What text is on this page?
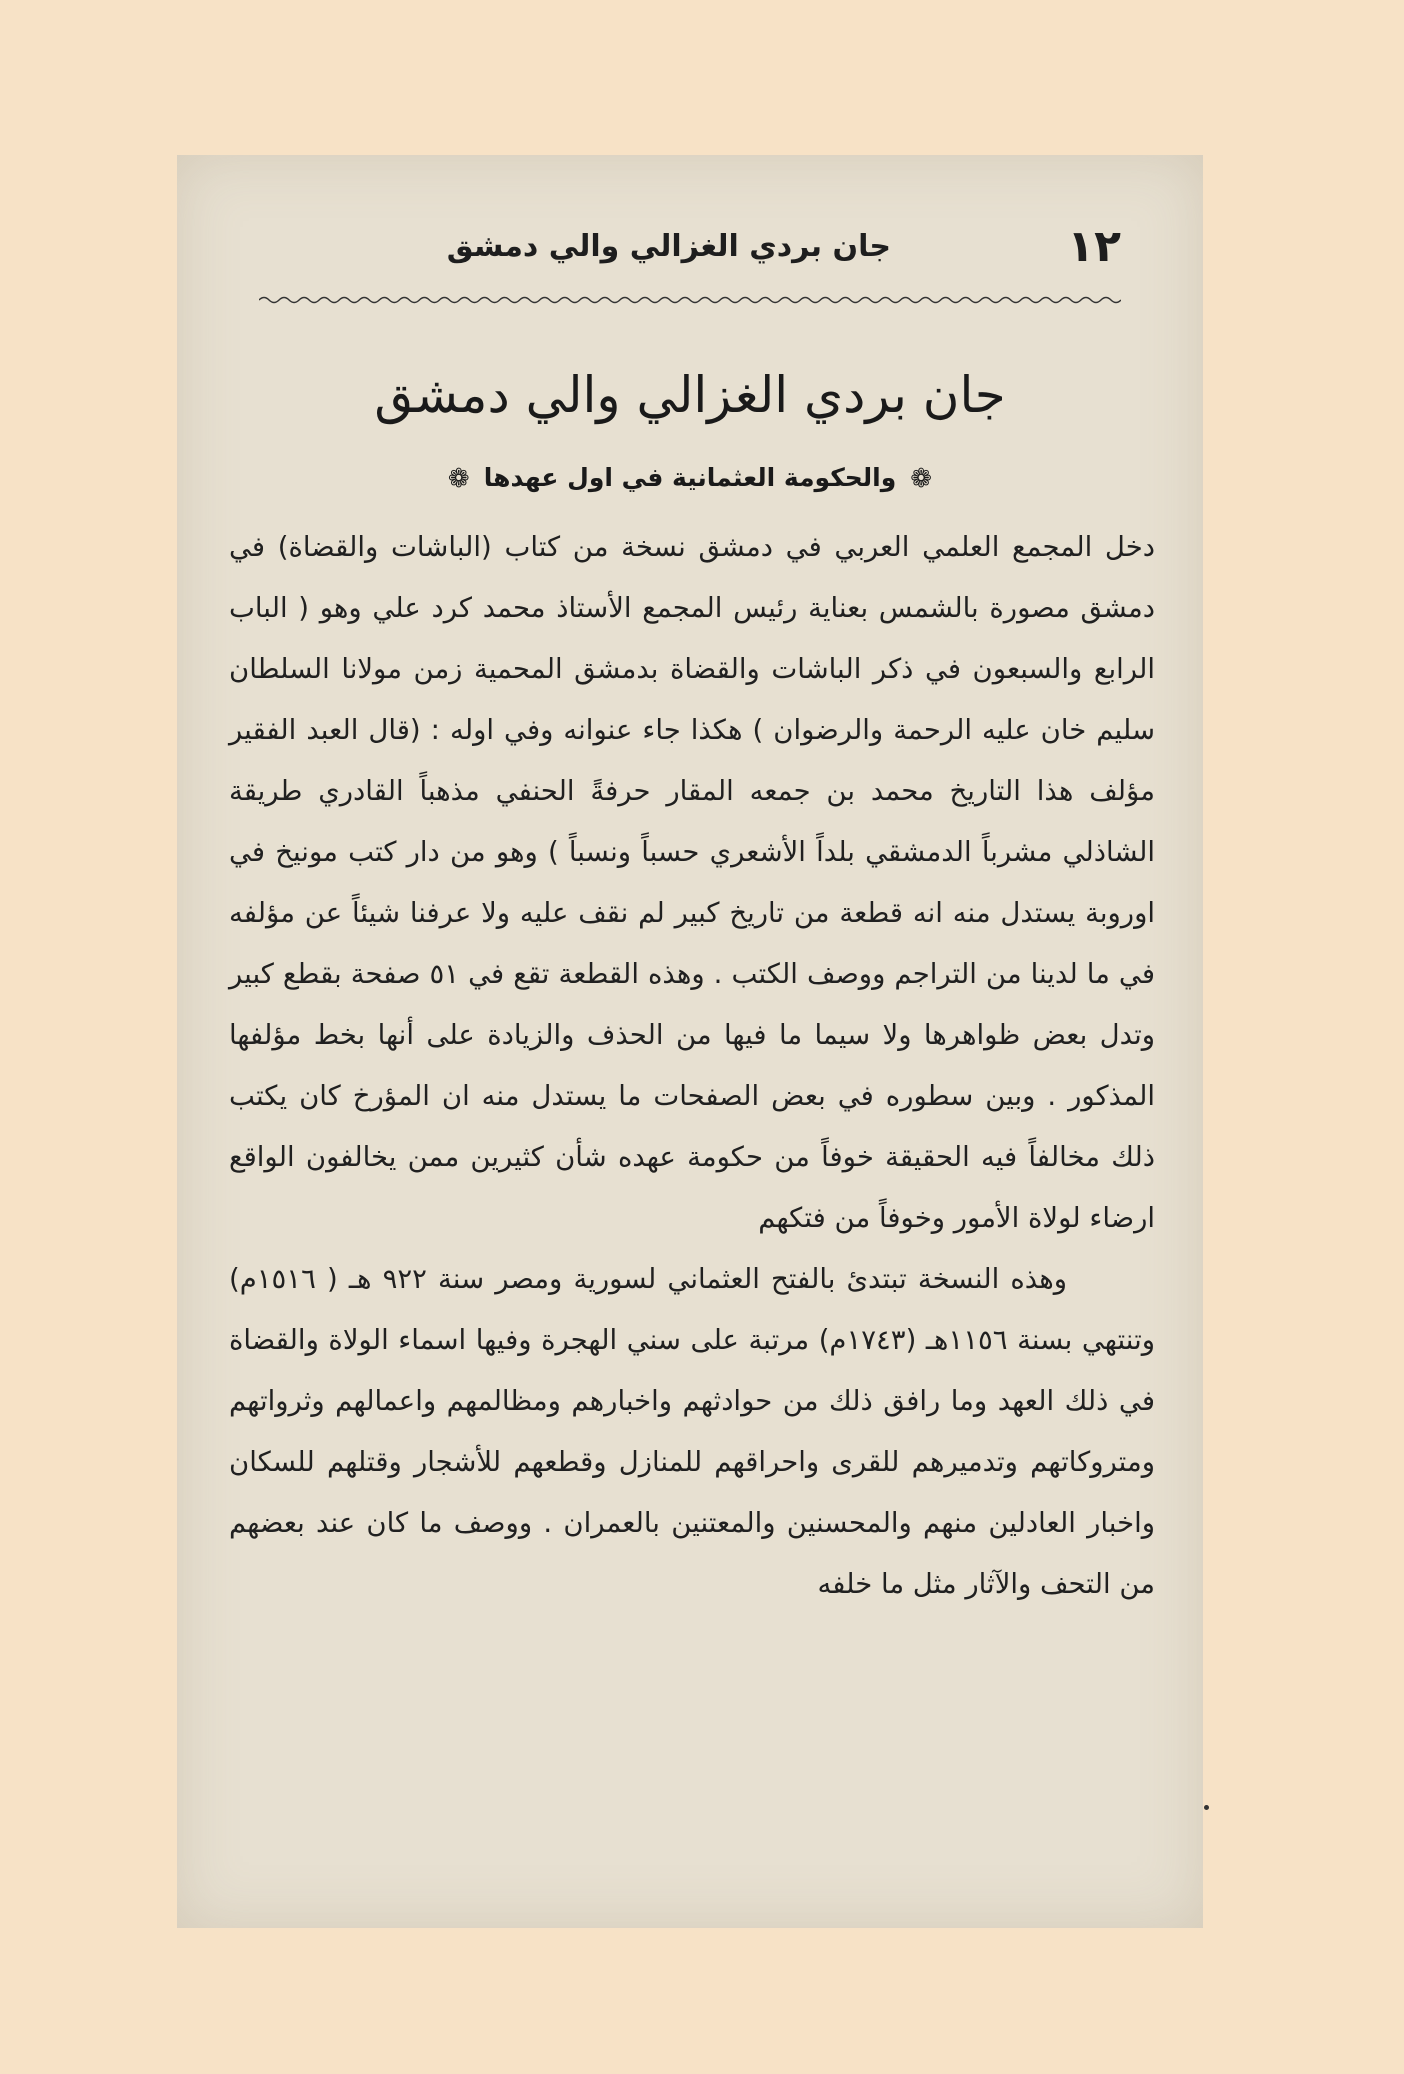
١٢
جان بردي الغزالي والي دمشق
جان بردي الغزالي والي دمشق
❁والحكومة العثمانية في اول عهدها❁

دخل المجمع العلمي العربي في دمشق نسخة من كتاب (الباشات والقضاة) في دمشق مصورة بالشمس بعناية رئيس المجمع الأستاذ محمد كرد علي وهو ( الباب الرابع والسبعون في ذكر الباشات والقضاة بدمشق المحمية زمن مولانا السلطان سليم خان عليه الرحمة والرضوان ) هكذا جاء عنوانه وفي اوله : (قال العبد الفقير مؤلف هذا التاريخ محمد بن جمعه المقار حرفةً الحنفي مذهباً القادري طريقة الشاذلي مشرباً الدمشقي بلداً الأشعري حسباً ونسباً ) وهو من دار كتب مونيخ في اوروبة يستدل منه انه قطعة من تاريخ كبير لم نقف عليه ولا عرفنا شيئاً عن مؤلفه في ما لدينا من التراجم ووصف الكتب . وهذه القطعة تقع في ٥١ صفحة بقطع كبير وتدل بعض ظواهرها ولا سيما ما فيها من الحذف والزيادة على أنها بخط مؤلفها المذكور . وبين سطوره في بعض الصفحات ما يستدل منه ان المؤرخ كان يكتب ذلك مخالفاً فيه الحقيقة خوفاً من حكومة عهده شأن كثيرين ممن يخالفون الواقع ارضاء لولاة الأمور وخوفاً من فتكهم

وهذه النسخة تبتدئ بالفتح العثماني لسورية ومصر سنة ٩٢٢ هـ ( ١٥١٦م) وتنتهي بسنة ١١٥٦هـ (١٧٤٣م) مرتبة على سني الهجرة وفيها اسماء الولاة والقضاة في ذلك العهد وما رافق ذلك من حوادثهم واخبارهم ومظالمهم واعمالهم وثرواتهم ومتروكاتهم وتدميرهم للقرى واحراقهم للمنازل وقطعهم للأشجار وقتلهم للسكان واخبار العادلين منهم والمحسنين والمعتنين بالعمران . ووصف ما كان عند بعضهم من التحف والآثار مثل ما خلفه
